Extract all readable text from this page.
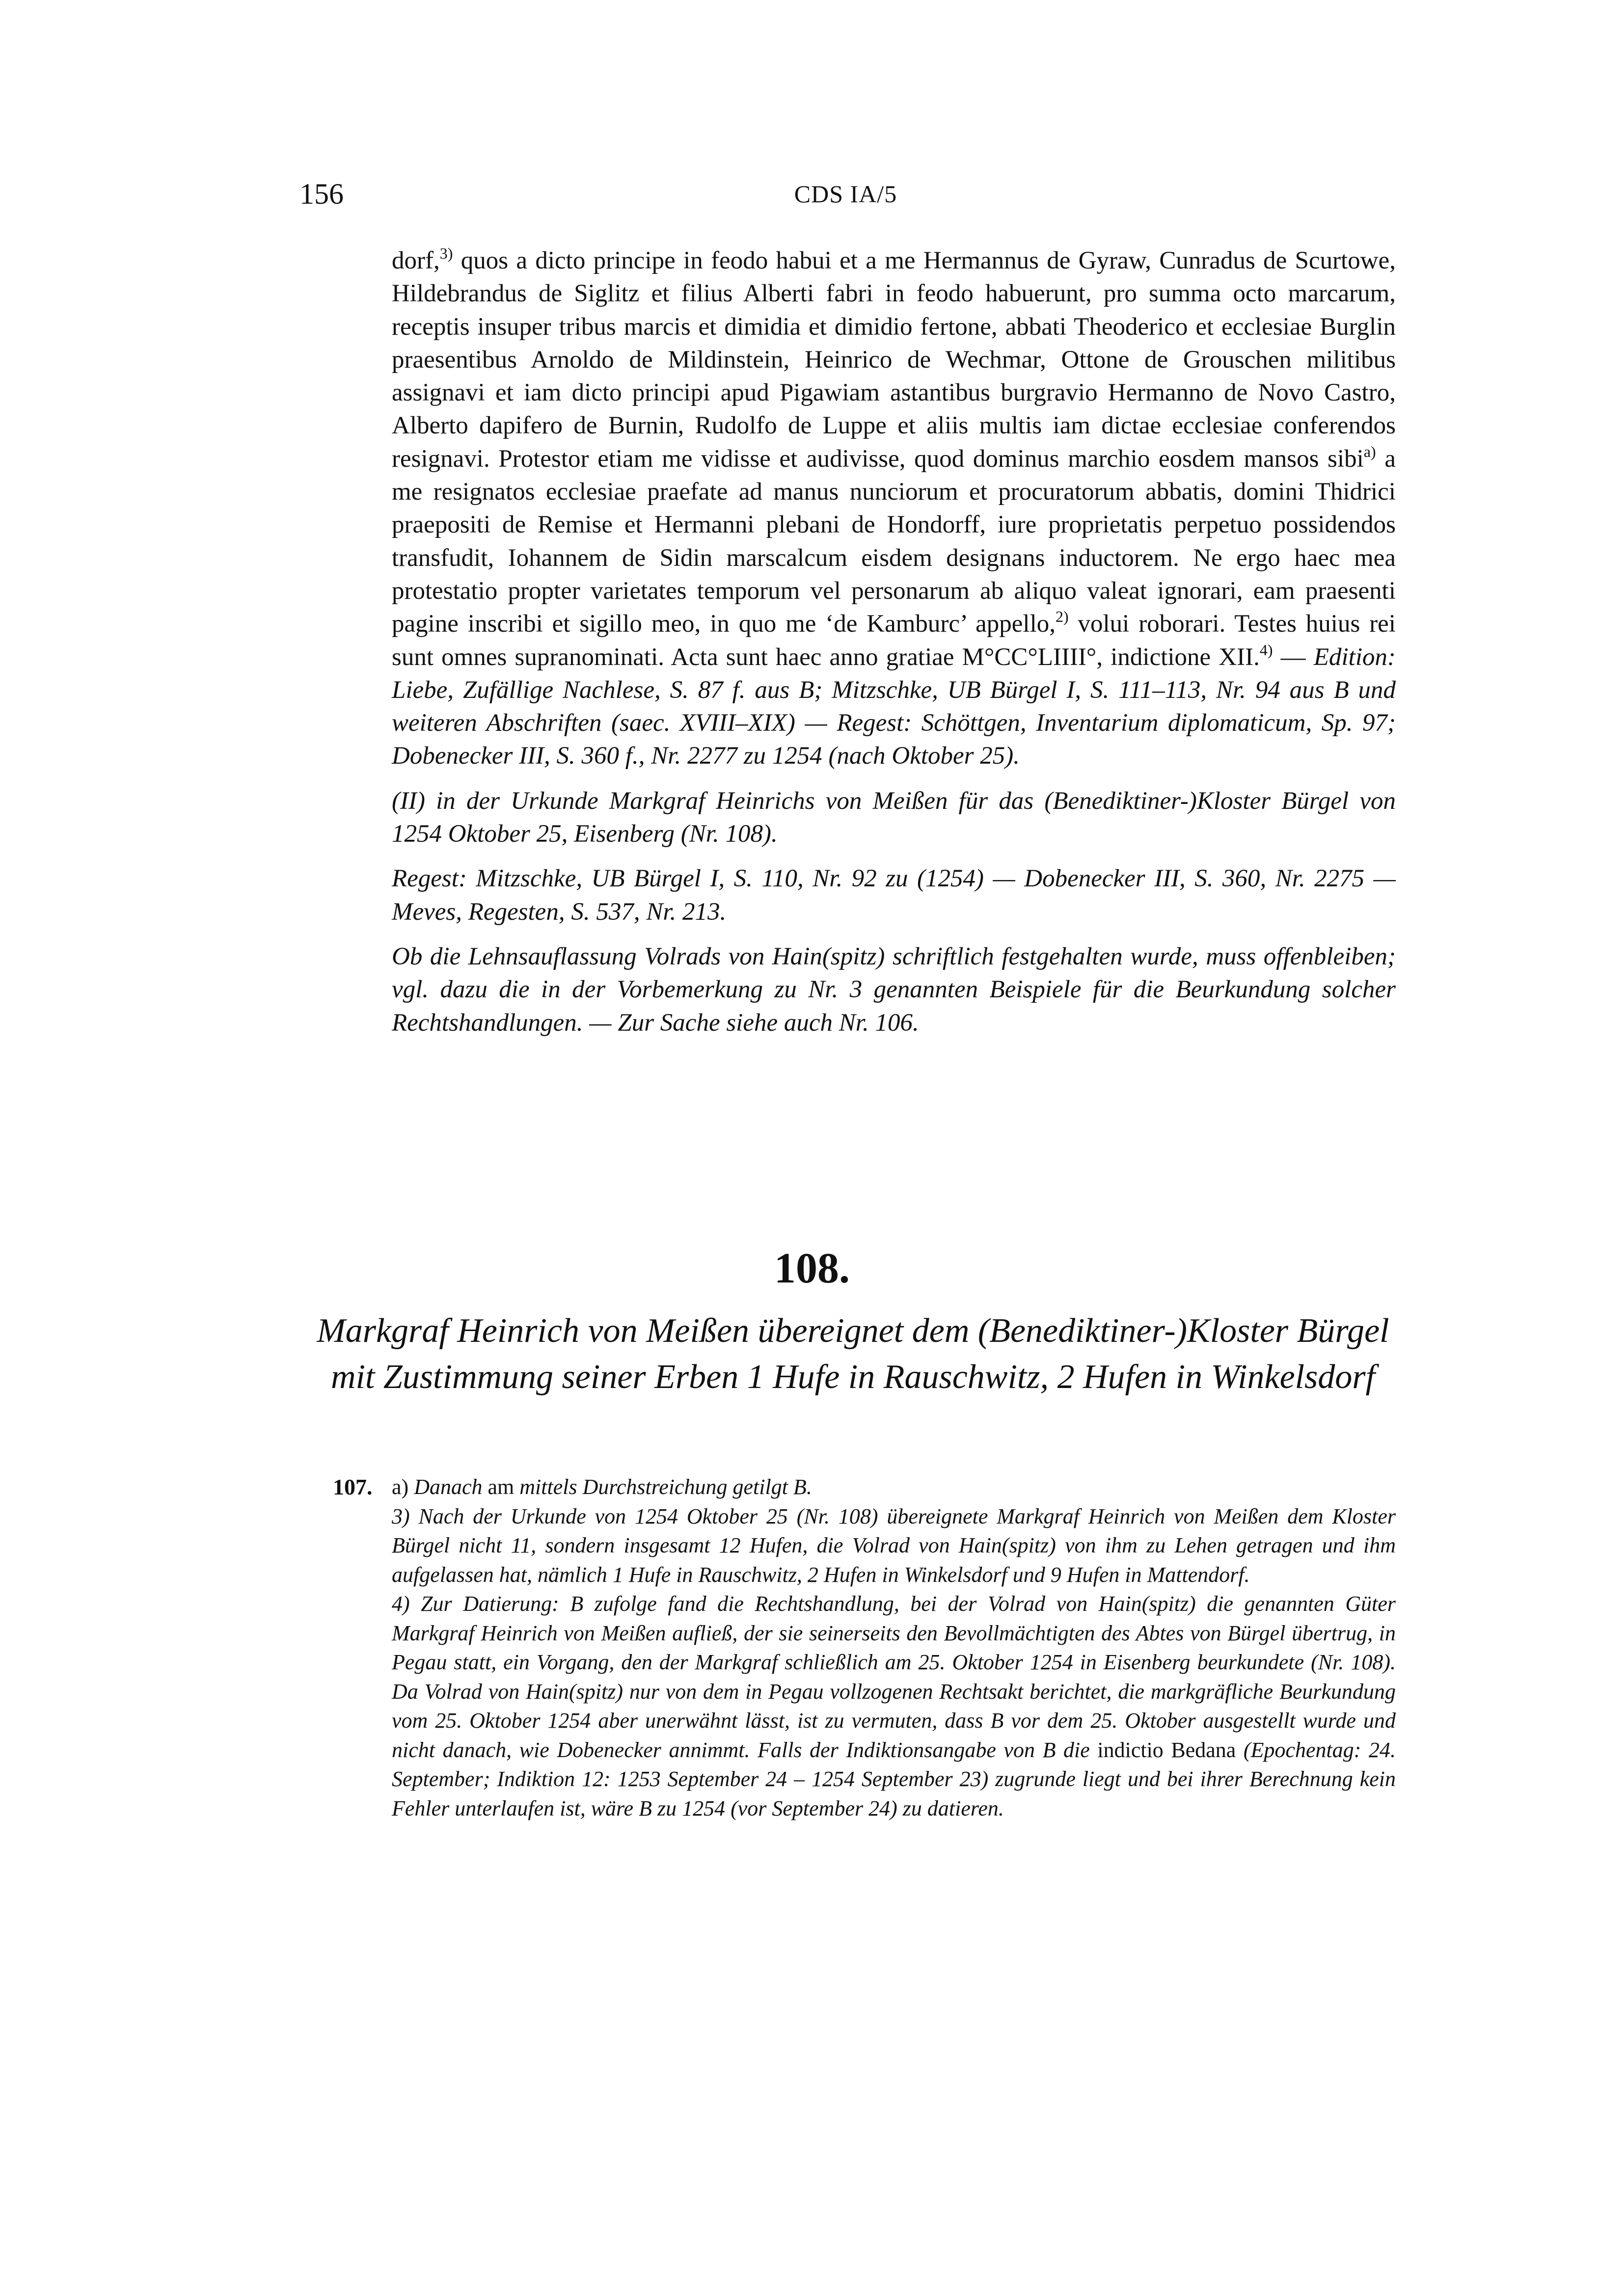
156	CDS IA/5

dorf,$^{3)}$ quos a dicto principe in feodo habui et a me Hermannus de Gyraw, Cunradus de Scurtowe, Hildebrandus de Siglitz et filius Alberti fabri in feodo habuerunt, pro summa octo marcarum, receptis insuper tribus marcis et dimidia et dimidio fertone, abbati Theoderico et ecclesiae Burglin praesentibus Arnoldo de Mildinstein, Heinrico de Wechmar, Ottone de Grouschen militibus assignavi et iam dicto principi apud Pigawiam astantibus burgravio Hermanno de Novo Castro, Alberto dapifero de Burnin, Rudolfo de Luppe et aliis multis iam dictae ecclesiae conferendos resignavi. Protestor etiam me vidisse et audivisse, quod dominus marchio eosdem mansos sibi$^{a)}$ a me resignatos ecclesiae praefate ad manus nunciorum et procuratorum abbatis, domini Thidrici praepositi de Remise et Hermanni plebani de Hondorff, iure proprietatis perpetuo possidendos transfudit, Iohannem de Sidin marscalcum eisdem designans inductorem. Ne ergo haec mea protestatio propter varietates temporum vel personarum ab aliquo valeat ignorari, eam praesenti pagine inscribi et sigillo meo, in quo me ‘de Kamburc’ appello,$^{2)}$ volui roborari. Testes huius rei sunt omnes supranominati. Acta sunt haec anno gratiae M°CC°LIIII°, indictione XII.$^{4)}$ — Edition: Liebe, Zufällige Nachlese, S. 87 f. aus B; Mitzschke, UB Bürgel I, S. 111–113, Nr. 94 aus B und weiteren Abschriften (saec. XVIII–XIX) — Regest: Schöttgen, Inventarium diplomaticum, Sp. 97; Dobenecker III, S. 360 f., Nr. 2277 zu 1254 (nach Oktober 25).

(II) in der Urkunde Markgraf Heinrichs von Meißen für das (Benediktiner-)Kloster Bürgel von 1254 Oktober 25, Eisenberg (Nr. 108).

Regest: Mitzschke, UB Bürgel I, S. 110, Nr. 92 zu (1254) — Dobenecker III, S. 360, Nr. 2275 — Meves, Regesten, S. 537, Nr. 213.

Ob die Lehnsauflassung Volrads von Hain(spitz) schriftlich festgehalten wurde, muss offenbleiben; vgl. dazu die in der Vorbemerkung zu Nr. 3 genannten Beispiele für die Beurkundung solcher Rechtshandlungen. — Zur Sache siehe auch Nr. 106.

108.
Markgraf Heinrich von Meißen übereignet dem (Benediktiner-)Kloster Bürgel
mit Zustimmung seiner Erben 1 Hufe in Rauschwitz, 2 Hufen in Winkelsdorf

107. a) Danach am mittels Durchstreichung getilgt B.

3) Nach der Urkunde von 1254 Oktober 25 (Nr. 108) übereignete Markgraf Heinrich von Meißen dem Kloster Bürgel nicht 11, sondern insgesamt 12 Hufen, die Volrad von Hain(spitz) von ihm zu Lehen getragen und ihm aufgelassen hat, nämlich 1 Hufe in Rauschwitz, 2 Hufen in Winkelsdorf und 9 Hufen in Mattendorf.

4) Zur Datierung: B zufolge fand die Rechtshandlung, bei der Volrad von Hain(spitz) die genannten Güter Markgraf Heinrich von Meißen aufließ, der sie seinerseits den Bevollmächtigten des Abtes von Bürgel übertrug, in Pegau statt, ein Vorgang, den der Markgraf schließlich am 25. Oktober 1254 in Eisenberg beurkundete (Nr. 108). Da Volrad von Hain(spitz) nur von dem in Pegau vollzogenen Rechtsakt berichtet, die markgräfliche Beurkundung vom 25. Oktober 1254 aber unerwähnt lässt, ist zu vermuten, dass B vor dem 25. Oktober ausgestellt wurde und nicht danach, wie Dobenecker annimmt. Falls der Indiktionsangabe von B die indictio Bedana (Epochentag: 24. September; Indiktion 12: 1253 September 24 – 1254 September 23) zugrunde liegt und bei ihrer Berechnung kein Fehler unterlaufen ist, wäre B zu 1254 (vor September 24) zu datieren.
